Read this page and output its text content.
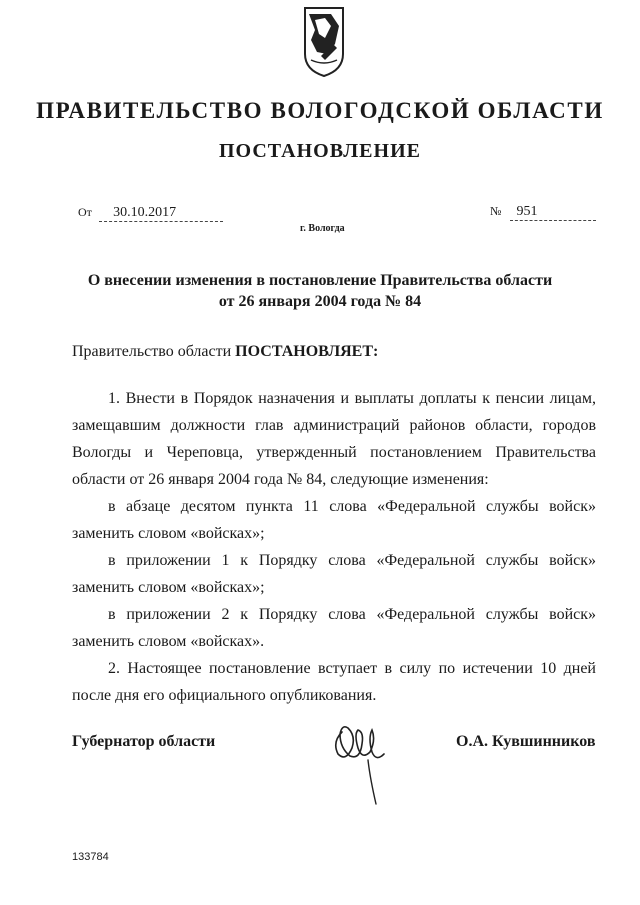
ПРАВИТЕЛЬСТВО ВОЛОГОДСКОЙ ОБЛАСТИ
ПОСТАНОВЛЕНИЕ
От 30.10.2017	№ 951
г. Вологда
О внесении изменения в постановление Правительства области
от 26 января 2004 года № 84
Правительство области ПОСТАНОВЛЯЕТ:
1. Внести в Порядок назначения и выплаты доплаты к пенсии лицам, замещавшим должности глав администраций районов области, городов Вологды и Череповца, утвержденный постановлением Правительства области от 26 января 2004 года № 84, следующие изменения:
в абзаце десятом пункта 11 слова «Федеральной службы войск» заменить словом «войсках»;
в приложении 1 к Порядку слова «Федеральной службы войск» заменить словом «войсках»;
в приложении 2 к Порядку слова «Федеральной службы войск» заменить словом «войсках».
2. Настоящее постановление вступает в силу по истечении 10 дней после дня его официального опубликования.
Губернатор области	О.А. Кувшинников
133784
